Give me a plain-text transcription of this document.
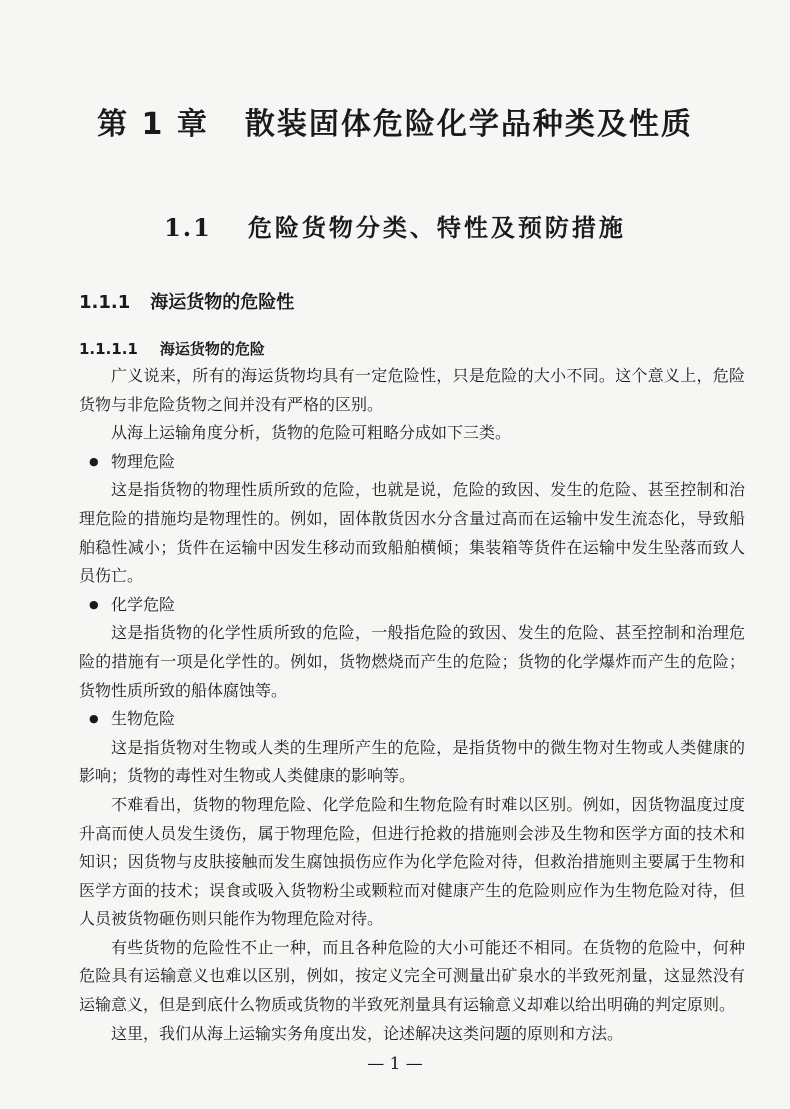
第 1 章 散装固体危险化学品种类及性质
1.1 危险货物分类、特性及预防措施
1.1.1 海运货物的危险性
1.1.1.1 海运货物的危险

广义说来，所有的海运货物均具有一定危险性，只是危险的大小不同。这个意义上，危险货物与非危险货物之间并没有严格的区别。

从海上运输角度分析，货物的危险可粗略分成如下三类。

● 物理危险

这是指货物的物理性质所致的危险，也就是说，危险的致因、发生的危险、甚至控制和治理危险的措施均是物理性的。例如，固体散货因水分含量过高而在运输中发生流态化，导致船舶稳性减小；货件在运输中因发生移动而致船舶横倾；集装箱等货件在运输中发生坠落而致人员伤亡。

● 化学危险

这是指货物的化学性质所致的危险，一般指危险的致因、发生的危险、甚至控制和治理危险的措施有一项是化学性的。例如，货物燃烧而产生的危险；货物的化学爆炸而产生的危险；货物性质所致的船体腐蚀等。

● 生物危险

这是指货物对生物或人类的生理所产生的危险，是指货物中的微生物对生物或人类健康的影响；货物的毒性对生物或人类健康的影响等。

不难看出，货物的物理危险、化学危险和生物危险有时难以区别。例如，因货物温度过度升高而使人员发生烫伤，属于物理危险，但进行抢救的措施则会涉及生物和医学方面的技术和知识；因货物与皮肤接触而发生腐蚀损伤应作为化学危险对待，但救治措施则主要属于生物和医学方面的技术；误食或吸入货物粉尘或颗粒而对健康产生的危险则应作为生物危险对待，但人员被货物砸伤则只能作为物理危险对待。

有些货物的危险性不止一种，而且各种危险的大小可能还不相同。在货物的危险中，何种危险具有运输意义也难以区别，例如，按定义完全可测量出矿泉水的半致死剂量，这显然没有运输意义，但是到底什么物质或货物的半致死剂量具有运输意义却难以给出明确的判定原则。

这里，我们从海上运输实务角度出发，论述解决这类问题的原则和方法。

— 1 —
